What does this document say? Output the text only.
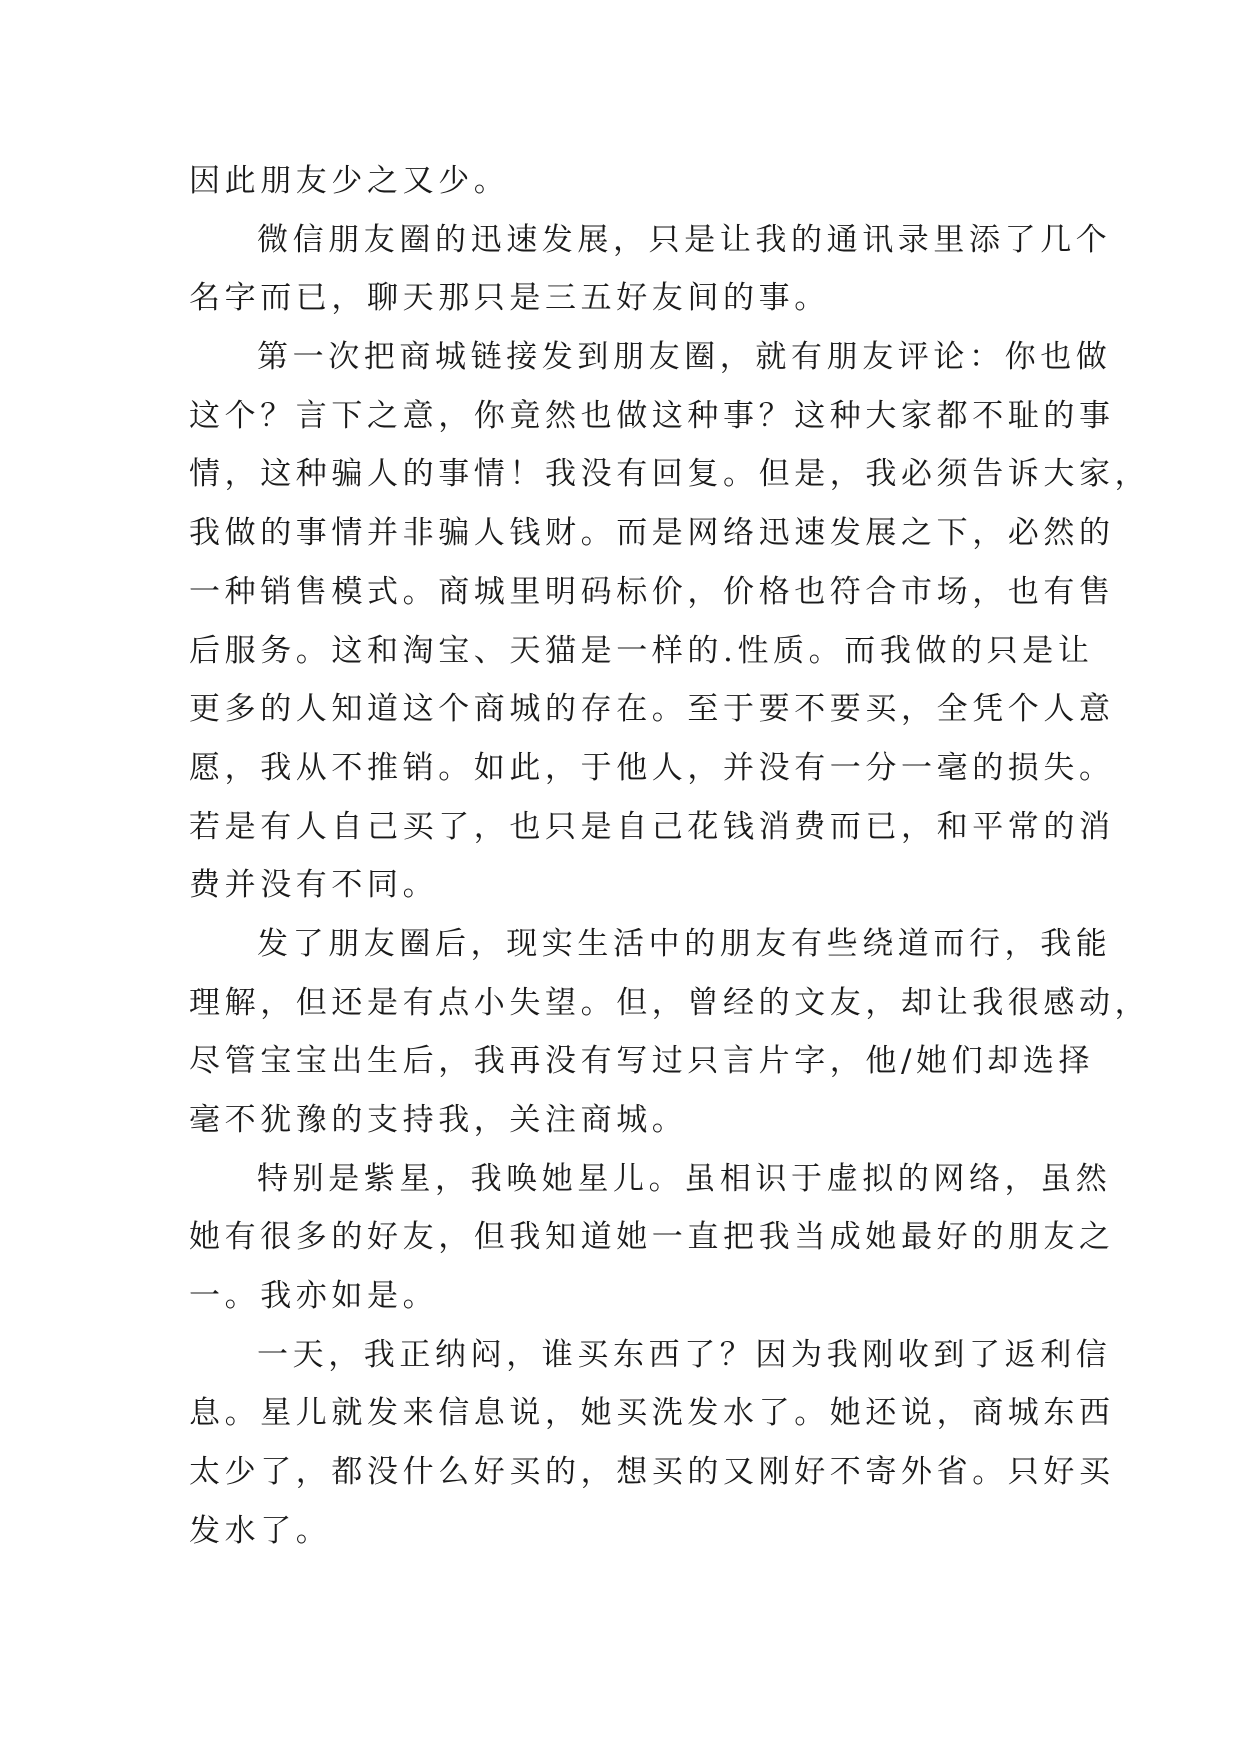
因此朋友少之又少。
微信朋友圈的迅速发展，只是让我的通讯录里添了几个
名字而已，聊天那只是三五好友间的事。
第一次把商城链接发到朋友圈，就有朋友评论：你也做
这个？言下之意，你竟然也做这种事？这种大家都不耻的事
情，这种骗人的事情！我没有回复。但是，我必须告诉大家，
我做的事情并非骗人钱财。而是网络迅速发展之下，必然的
一种销售模式。商城里明码标价，价格也符合市场，也有售
后服务。这和淘宝、天猫是一样的.性质。而我做的只是让
更多的人知道这个商城的存在。至于要不要买，全凭个人意
愿，我从不推销。如此，于他人，并没有一分一毫的损失。
若是有人自己买了，也只是自己花钱消费而已，和平常的消
费并没有不同。
发了朋友圈后，现实生活中的朋友有些绕道而行，我能
理解，但还是有点小失望。但，曾经的文友，却让我很感动，
尽管宝宝出生后，我再没有写过只言片字，他/她们却选择
毫不犹豫的支持我，关注商城。
特别是紫星，我唤她星儿。虽相识于虚拟的网络，虽然
她有很多的好友，但我知道她一直把我当成她最好的朋友之
一。我亦如是。
一天，我正纳闷，谁买东西了？因为我刚收到了返利信
息。星儿就发来信息说，她买洗发水了。她还说，商城东西
太少了，都没什么好买的，想买的又刚好不寄外省。只好买
发水了。
